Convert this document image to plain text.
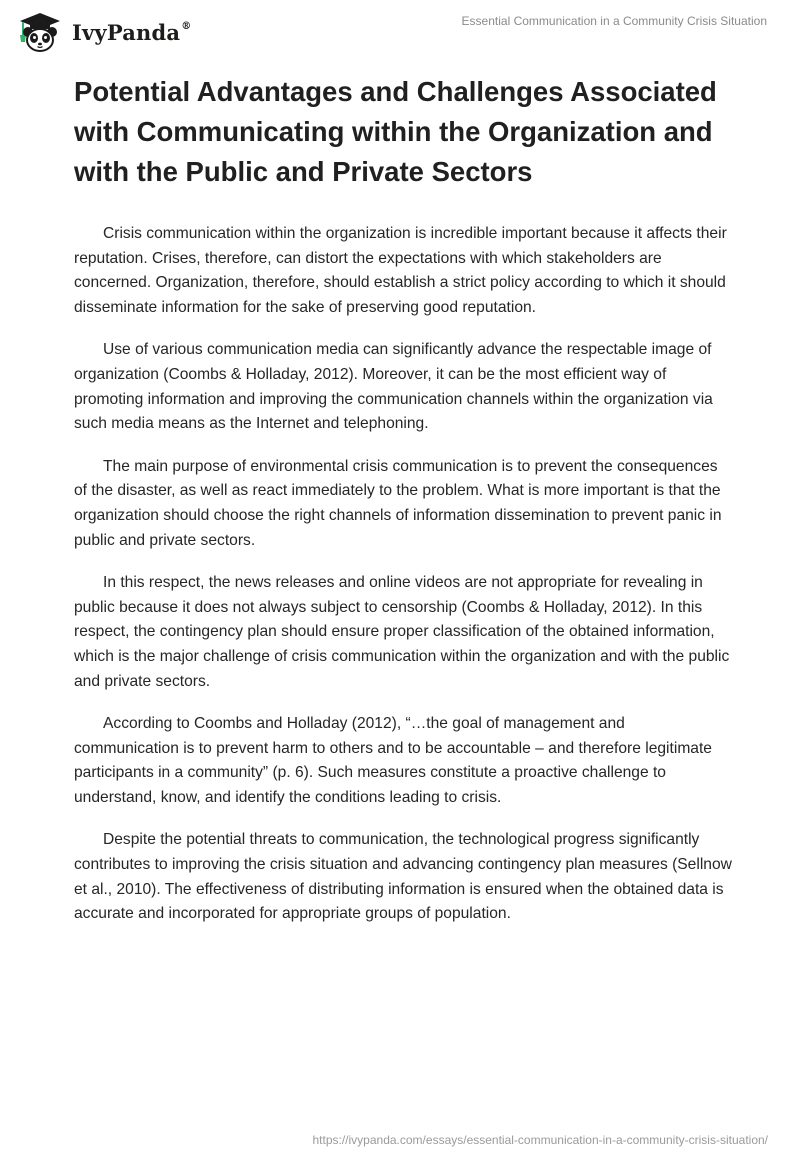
IvyPanda®	Essential Communication in a Community Crisis Situation
Potential Advantages and Challenges Associated with Communicating within the Organization and with the Public and Private Sectors

Crisis communication within the organization is incredible important because it affects their reputation. Crises, therefore, can distort the expectations with which stakeholders are concerned. Organization, therefore, should establish a strict policy according to which it should disseminate information for the sake of preserving good reputation.

Use of various communication media can significantly advance the respectable image of organization (Coombs & Holladay, 2012). Moreover, it can be the most efficient way of promoting information and improving the communication channels within the organization via such media means as the Internet and telephoning.

The main purpose of environmental crisis communication is to prevent the consequences of the disaster, as well as react immediately to the problem. What is more important is that the organization should choose the right channels of information dissemination to prevent panic in public and private sectors.

In this respect, the news releases and online videos are not appropriate for revealing in public because it does not always subject to censorship (Coombs & Holladay, 2012). In this respect, the contingency plan should ensure proper classification of the obtained information, which is the major challenge of crisis communication within the organization and with the public and private sectors.

According to Coombs and Holladay (2012), “…the goal of management and communication is to prevent harm to others and to be accountable – and therefore legitimate participants in a community” (p. 6). Such measures constitute a proactive challenge to understand, know, and identify the conditions leading to crisis.

Despite the potential threats to communication, the technological progress significantly contributes to improving the crisis situation and advancing contingency plan measures (Sellnow et al., 2010). The effectiveness of distributing information is ensured when the obtained data is accurate and incorporated for appropriate groups of population.

https://ivypanda.com/essays/essential-communication-in-a-community-crisis-situation/
